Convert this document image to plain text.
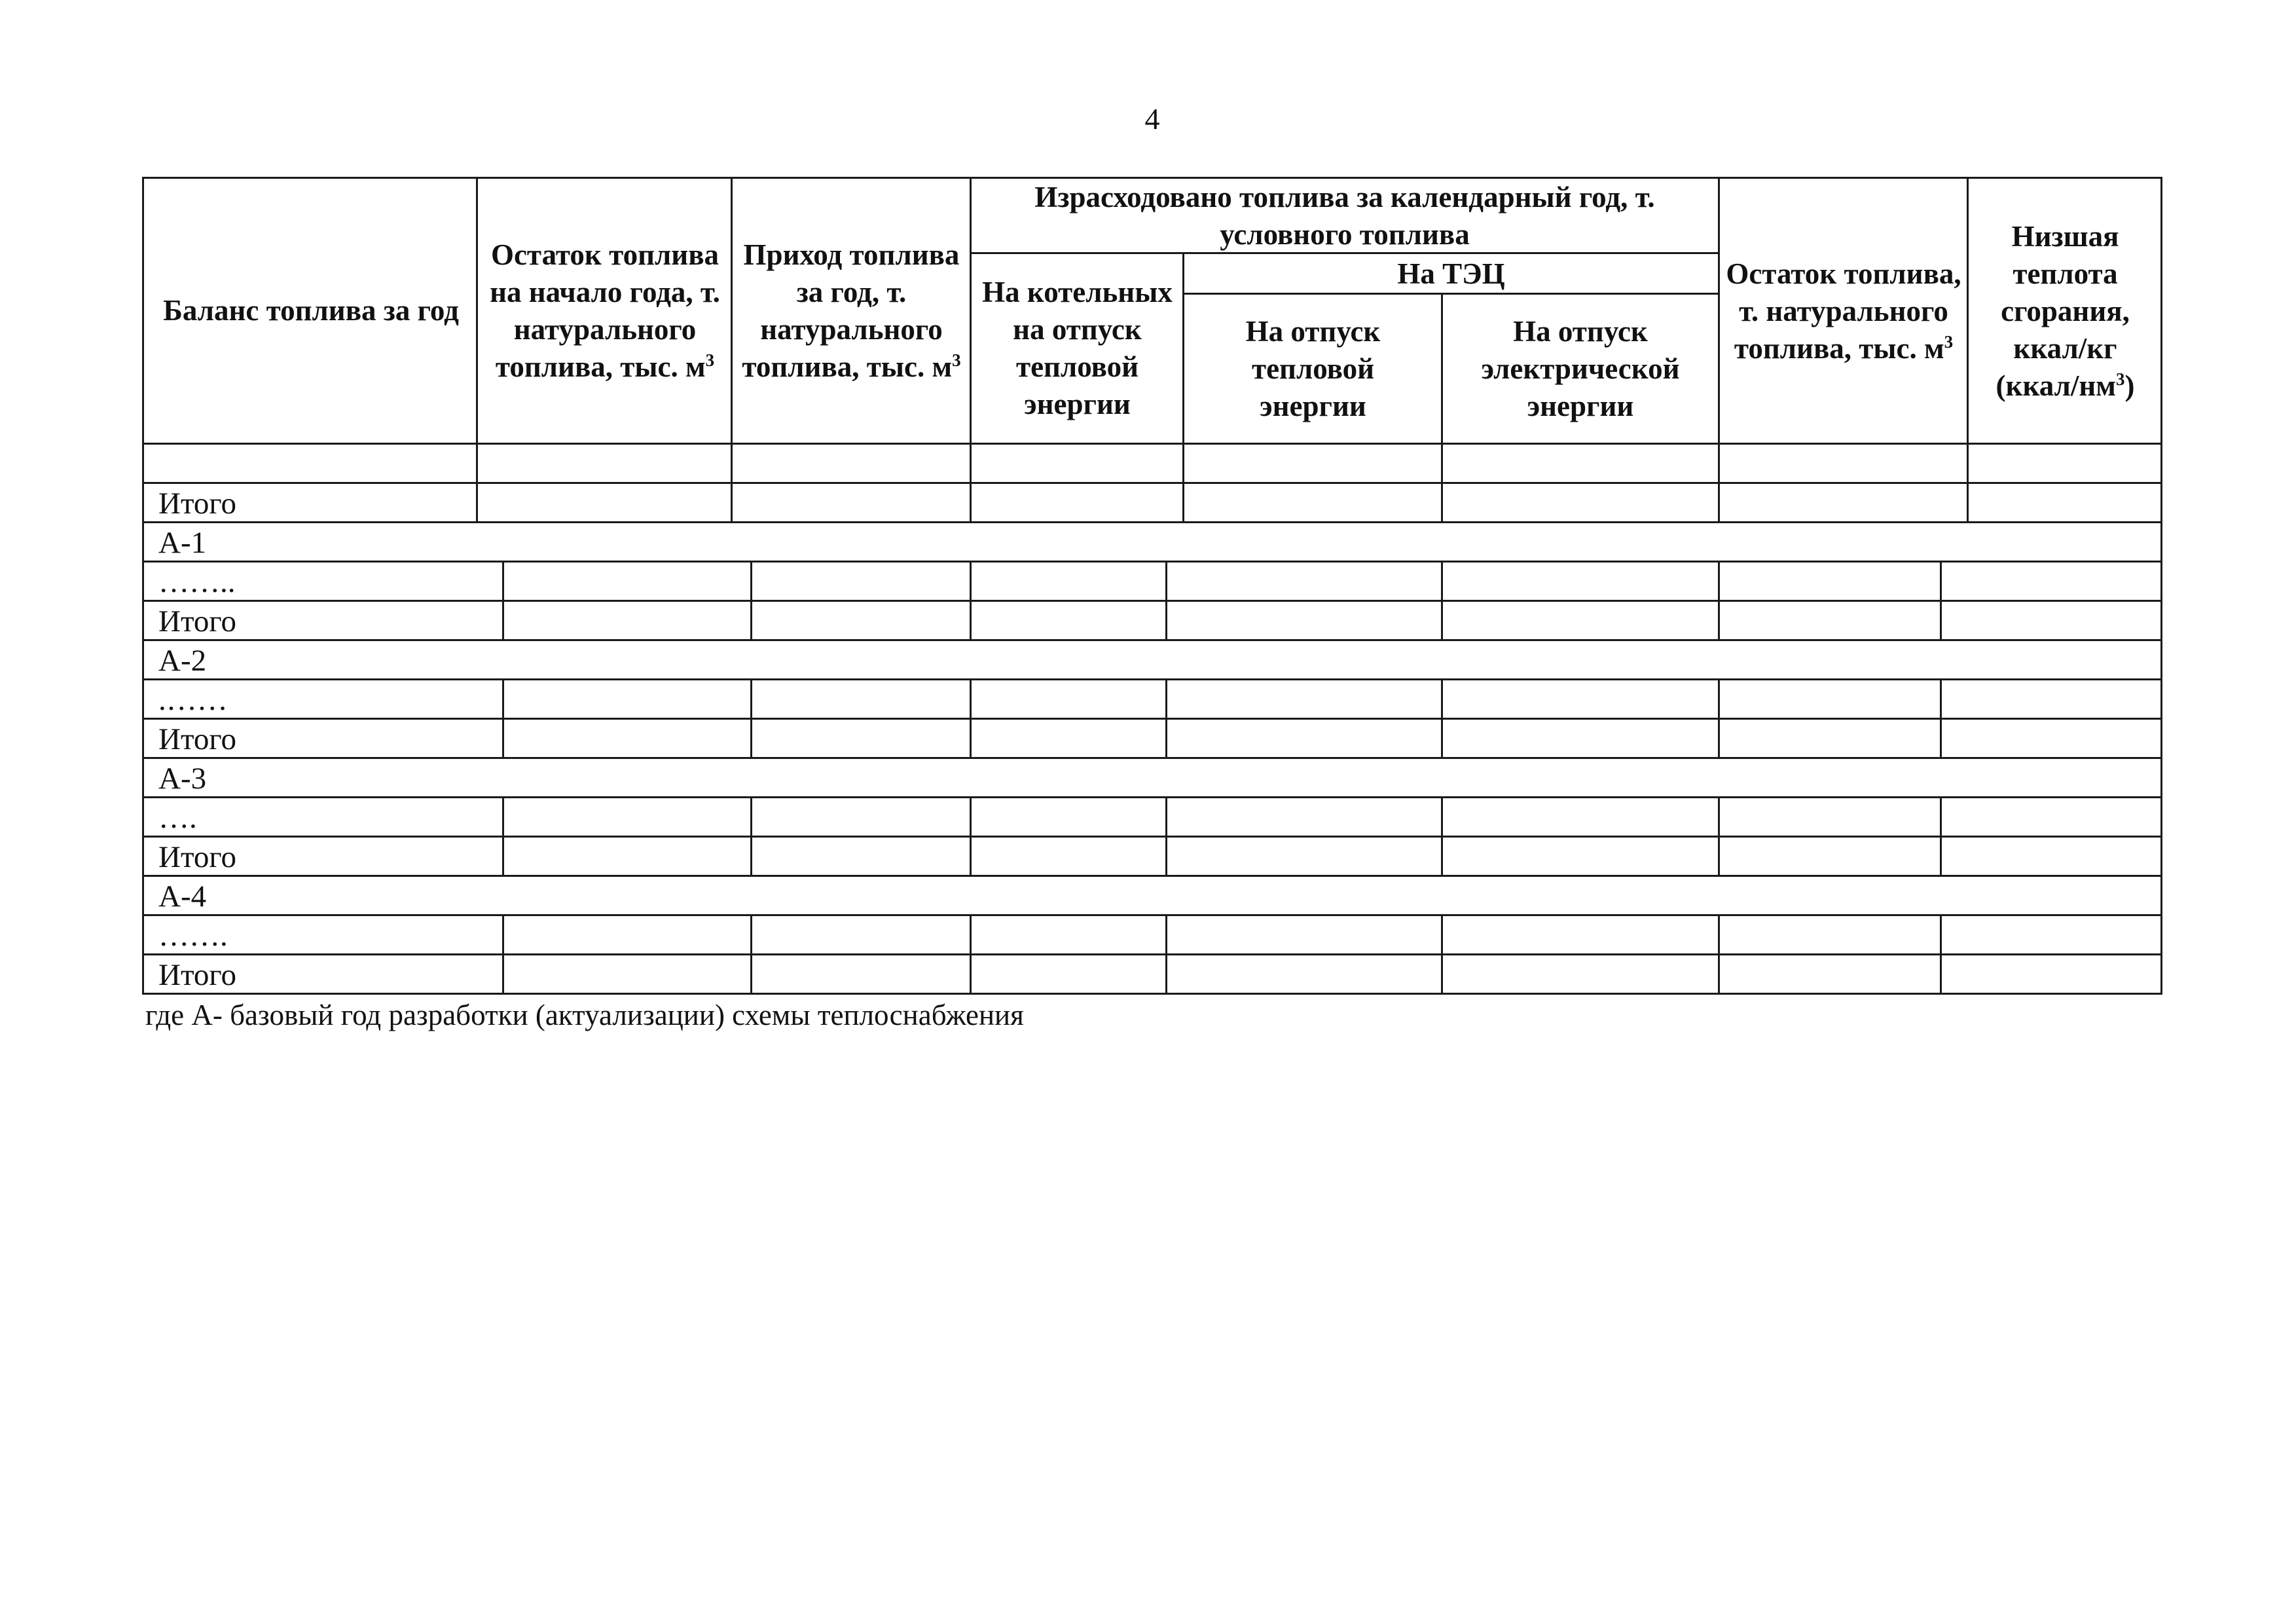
4
Баланс топлива за год
Остаток топлива на начало года, т. натурального топлива, тыс. $м^3$
Приход топлива за год, т. натурального топлива, тыс. $м^3$
Израсходовано топлива за календарный год, т. условного топлива
На котельных на отпуск тепловой энергии
На ТЭЦ
На отпуск тепловой энергии
На отпуск электрической энергии
Остаток топлива, т. натурального топлива, тыс. $м^3$
Низшая теплота сгорания, ккал/кг $(ккал/нм^3)$
Итого
А-1
……..
Итого
А-2
.……
Итого
А-3
….
Итого
А-4
…….
Итого
где А- базовый год разработки (актуализации) схемы теплоснабжения
